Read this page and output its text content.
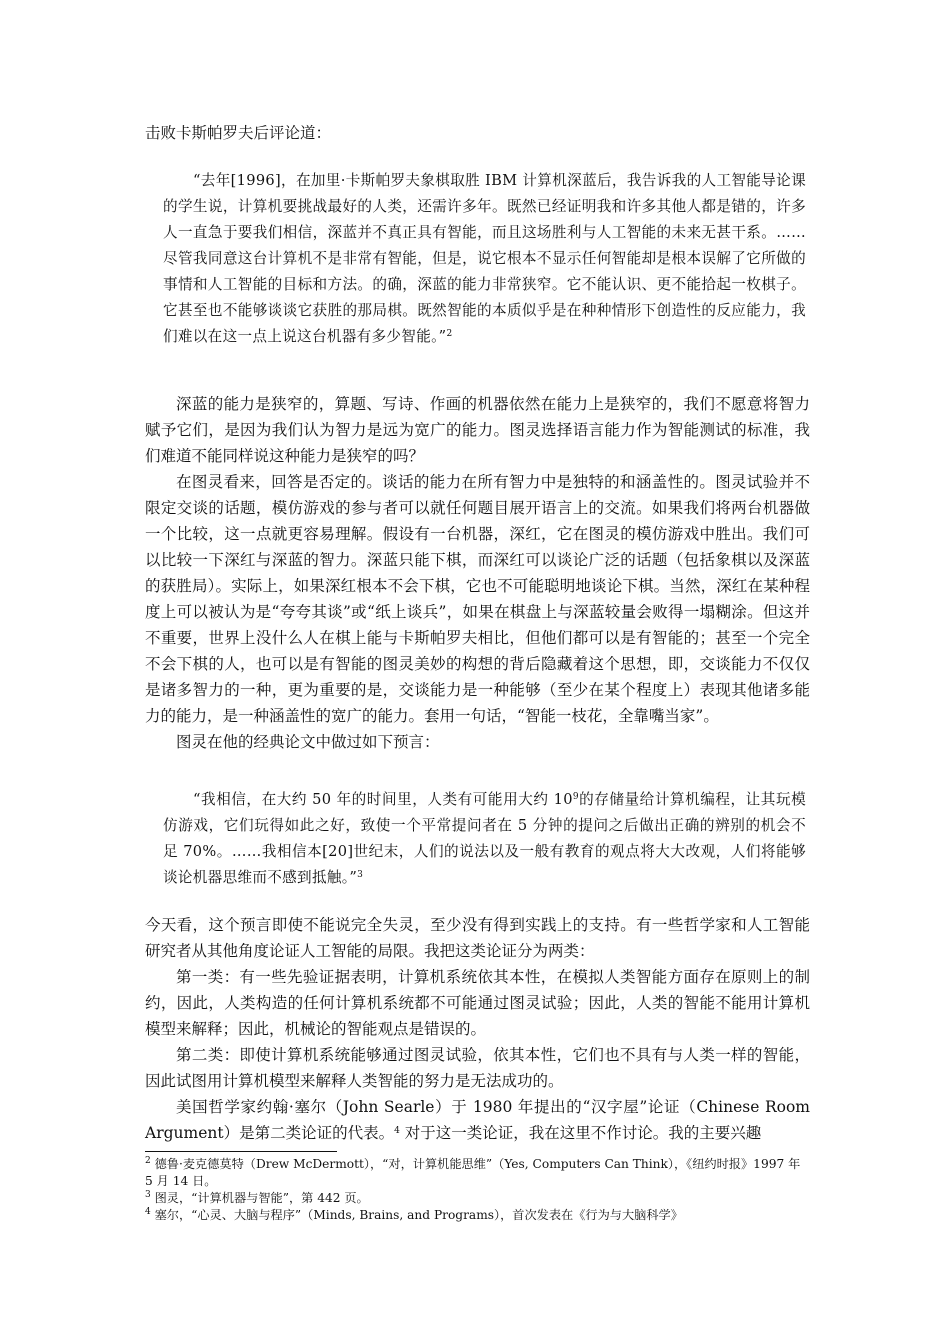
击败卡斯帕罗夫后评论道：
“去年[1996]，在加里·卡斯帕罗夫象棋取胜 IBM 计算机深蓝后，我告诉我的人工智能导论课的学生说，计算机要挑战最好的人类，还需许多年。既然已经证明我和许多其他人都是错的，许多人一直急于要我们相信，深蓝并不真正具有智能，而且这场胜利与人工智能的未来无甚干系。……尽管我同意这台计算机不是非常有智能，但是，说它根本不显示任何智能却是根本误解了它所做的事情和人工智能的目标和方法。的确，深蓝的能力非常狭窄。它不能认识、更不能拾起一枚棋子。它甚至也不能够谈谈它获胜的那局棋。既然智能的本质似乎是在种种情形下创造性的反应能力，我们难以在这一点上说这台机器有多少智能。”$^2$

深蓝的能力是狭窄的，算题、写诗、作画的机器依然在能力上是狭窄的，我们不愿意将智力赋予它们，是因为我们认为智力是远为宽广的能力。图灵选择语言能力作为智能测试的标准，我们难道不能同样说这种能力是狭窄的吗？

在图灵看来，回答是否定的。谈话的能力在所有智力中是独特的和涵盖性的。图灵试验并不限定交谈的话题，模仿游戏的参与者可以就任何题目展开语言上的交流。如果我们将两台机器做一个比较，这一点就更容易理解。假设有一台机器，深红，它在图灵的模仿游戏中胜出。我们可以比较一下深红与深蓝的智力。深蓝只能下棋，而深红可以谈论广泛的话题（包括象棋以及深蓝的获胜局）。实际上，如果深红根本不会下棋，它也不可能聪明地谈论下棋。当然，深红在某种程度上可以被认为是“夸夸其谈”或“纸上谈兵”，如果在棋盘上与深蓝较量会败得一塌糊涂。但这并不重要，世界上没什么人在棋上能与卡斯帕罗夫相比，但他们都可以是有智能的；甚至一个完全不会下棋的人，也可以是有智能的图灵美妙的构想的背后隐藏着这个思想，即，交谈能力不仅仅是诸多智力的一种，更为重要的是，交谈能力是一种能够（至少在某个程度上）表现其他诸多能力的能力，是一种涵盖性的宽广的能力。套用一句话，“智能一枝花，全靠嘴当家”。

图灵在他的经典论文中做过如下预言：

“我相信，在大约 50 年的时间里，人类有可能用大约 $10^9$的存储量给计算机编程，让其玩模仿游戏，它们玩得如此之好，致使一个平常提问者在 5 分钟的提问之后做出正确的辨别的机会不足 70%。……我相信本[20]世纪末，人们的说法以及一般有教育的观点将大大改观，人们将能够谈论机器思维而不感到抵触。”$^3$

今天看，这个预言即使不能说完全失灵，至少没有得到实践上的支持。有一些哲学家和人工智能研究者从其他角度论证人工智能的局限。我把这类论证分为两类：

第一类：有一些先验证据表明，计算机系统依其本性，在模拟人类智能方面存在原则上的制约，因此，人类构造的任何计算机系统都不可能通过图灵试验；因此，人类的智能不能用计算机模型来解释；因此，机械论的智能观点是错误的。

第二类：即使计算机系统能够通过图灵试验，依其本性，它们也不具有与人类一样的智能，因此试图用计算机模型来解释人类智能的努力是无法成功的。

美国哲学家约翰·塞尔（John Searle）于 1980 年提出的“汉字屋”论证（Chinese Room Argument）是第二类论证的代表。$^4$ 对于这一类论证，我在这里不作讨论。我的主要兴趣

$^2$ 德鲁·麦克德莫特（Drew McDermott），“对，计算机能思维”（Yes, Computers Can Think），《纽约时报》1997 年 5 月 14 日。

$^3$ 图灵，“计算机器与智能”，第 442 页。

$^4$ 塞尔，“心灵、大脑与程序”（Minds, Brains, and Programs），首次发表在《行为与大脑科学》
